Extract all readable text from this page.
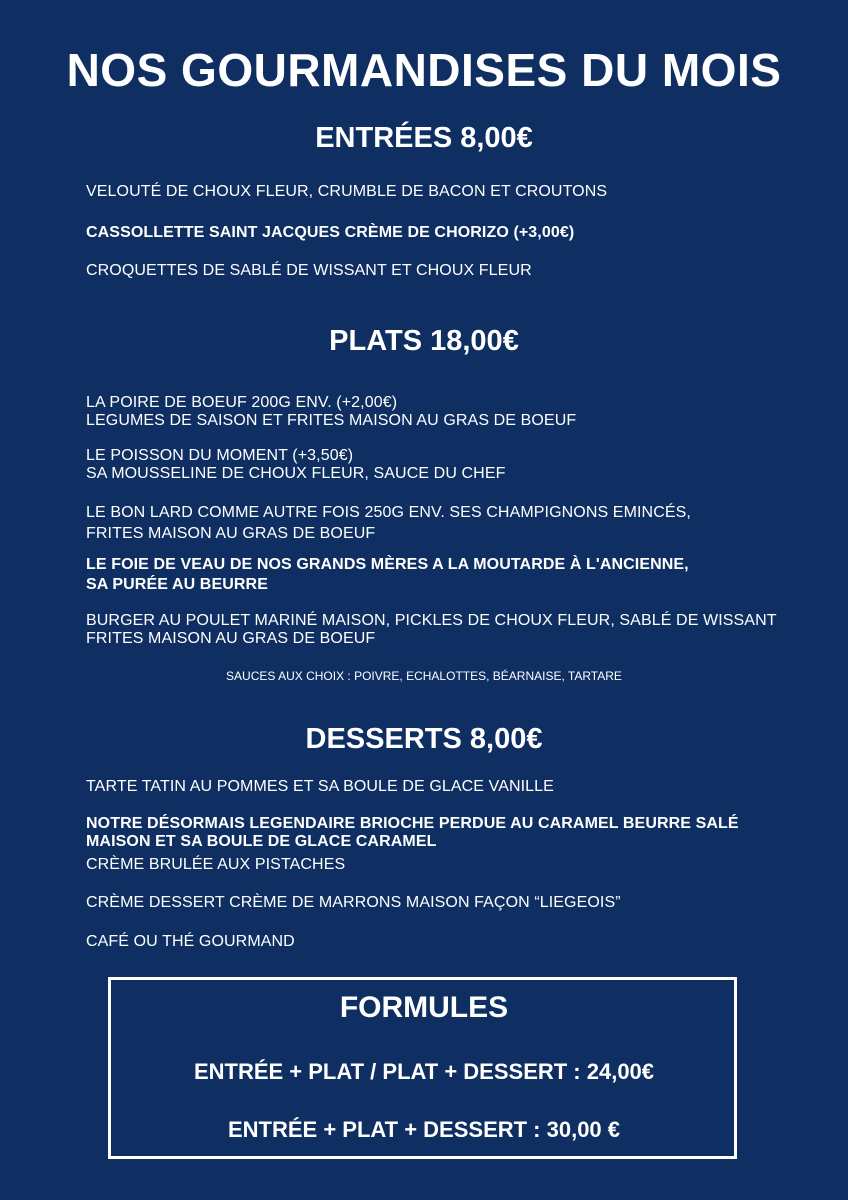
NOS GOURMANDISES DU MOIS
ENTRÉES 8,00€
VELOUTÉ DE CHOUX FLEUR, CRUMBLE DE BACON ET CROUTONS
CASSOLLETTE SAINT JACQUES CRÈME DE CHORIZO (+3,00€)
CROQUETTES DE SABLÉ DE WISSANT ET CHOUX FLEUR
PLATS 18,00€
LA POIRE DE BOEUF 200G ENV. (+2,00€)
LEGUMES DE SAISON ET FRITES MAISON AU GRAS DE BOEUF
LE POISSON DU MOMENT (+3,50€)
SA MOUSSELINE DE CHOUX FLEUR, SAUCE DU CHEF
LE BON LARD COMME AUTRE FOIS 250G ENV. SES CHAMPIGNONS EMINCÉS,
FRITES MAISON AU GRAS DE BOEUF
LE FOIE DE VEAU DE NOS GRANDS MÈRES A LA MOUTARDE À L'ANCIENNE,
SA PURÉE AU BEURRE
BURGER AU POULET MARINÉ MAISON, PICKLES DE CHOUX FLEUR, SABLÉ DE WISSANT
FRITES MAISON AU GRAS DE BOEUF
SAUCES AUX CHOIX : POIVRE, ECHALOTTES, BÉARNAISE, TARTARE
DESSERTS 8,00€
TARTE TATIN AU POMMES ET SA BOULE DE GLACE VANILLE
NOTRE DÉSORMAIS LEGENDAIRE BRIOCHE PERDUE AU CARAMEL BEURRE SALÉ
MAISON ET SA BOULE DE GLACE CARAMEL
CRÈME BRULÉE AUX PISTACHES
CRÈME DESSERT CRÈME DE MARRONS MAISON FAÇON “LIEGEOIS”
CAFÉ OU THÉ GOURMAND
FORMULES
ENTRÉE + PLAT / PLAT + DESSERT : 24,00€
ENTRÉE + PLAT + DESSERT : 30,00 €
